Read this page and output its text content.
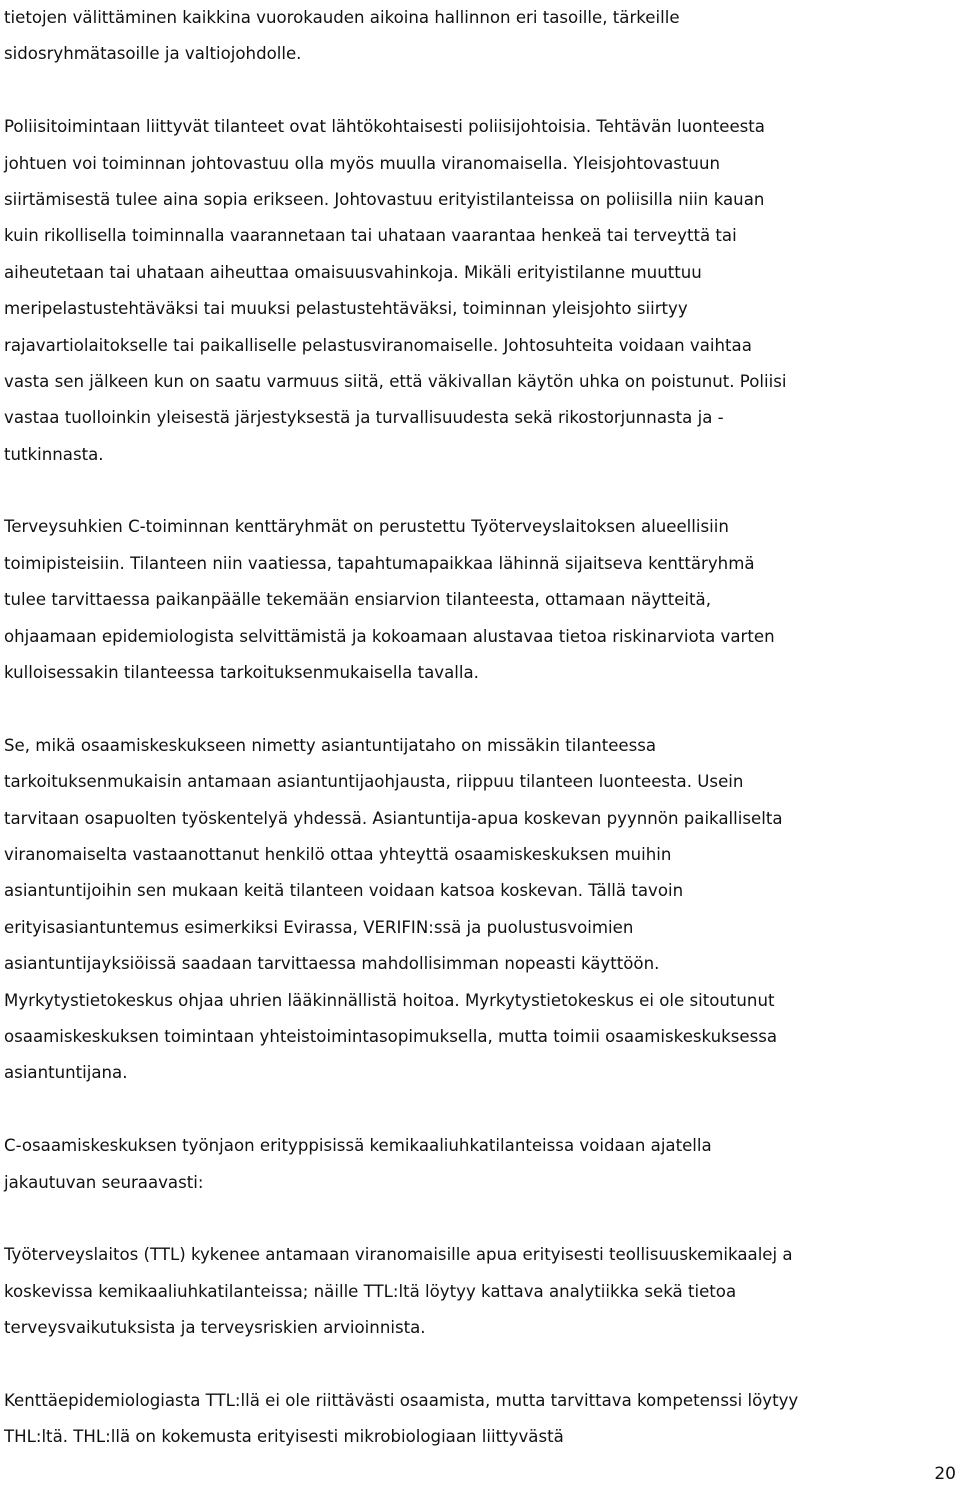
tietojen välittäminen kaikkina vuorokauden aikoina hallinnon eri tasoille, tärkeille
sidosryhmätasoille ja valtiojohdolle.

Poliisitoimintaan liittyvät tilanteet ovat lähtökohtaisesti poliisijohtoisia. Tehtävän luonteesta
johtuen voi toiminnan johtovastuu olla myös muulla viranomaisella. Yleisjohtovastuun
siirtämisestä tulee aina sopia erikseen. Johtovastuu erityistilanteissa on poliisilla niin kauan
kuin rikollisella toiminnalla vaarannetaan tai uhataan vaarantaa henkeä tai terveyttä tai
aiheutetaan tai uhataan aiheuttaa omaisuusvahinkoja. Mikäli erityistilanne muuttuu
meripelastustehtäväksi tai muuksi pelastustehtäväksi, toiminnan yleisjohto siirtyy
rajavartiolaitokselle tai paikalliselle pelastusviranomaiselle. Johtosuhteita voidaan vaihtaa
vasta sen jälkeen kun on saatu varmuus siitä, että väkivallan käytön uhka on poistunut. Poliisi
vastaa tuolloinkin yleisestä järjestyksestä ja turvallisuudesta sekä rikostorjunnasta ja -
tutkinnasta.

Terveysuhkien C-toiminnan kenttäryhmät on perustettu Työterveyslaitoksen alueellisiin
toimipisteisiin. Tilanteen niin vaatiessa, tapahtumapaikkaa lähinnä sijaitseva kenttäryhmä
tulee tarvittaessa paikanpäälle tekemään ensiarvion tilanteesta, ottamaan näytteitä,
ohjaamaan epidemiologista selvittämistä ja kokoamaan alustavaa tietoa riskinarviota varten
kulloisessakin tilanteessa tarkoituksenmukaisella tavalla.

Se, mikä osaamiskeskukseen nimetty asiantuntijataho on missäkin tilanteessa
tarkoituksenmukaisin antamaan asiantuntijaohjausta, riippuu tilanteen luonteesta. Usein
tarvitaan osapuolten työskentelyä yhdessä. Asiantuntija-apua koskevan pyynnön paikalliselta
viranomaiselta vastaanottanut henkilö ottaa yhteyttä osaamiskeskuksen muihin
asiantuntijoihin sen mukaan keitä tilanteen voidaan katsoa koskevan. Tällä tavoin
erityisasiantuntemus esimerkiksi Evirassa, VERIFIN:ssä ja puolustusvoimien
asiantuntijayksiöissä saadaan tarvittaessa mahdollisimman nopeasti käyttöön.
Myrkytystietokeskus ohjaa uhrien lääkinnällistä hoitoa. Myrkytystietokeskus ei ole sitoutunut
osaamiskeskuksen toimintaan yhteistoimintasopimuksella, mutta toimii osaamiskeskuksessa
asiantuntijana.

C-osaamiskeskuksen työnjaon erityppisissä kemikaaliuhkatilanteissa voidaan ajatella
jakautuvan seuraavasti:

Työterveyslaitos (TTL) kykenee antamaan viranomaisille apua erityisesti teollisuuskemikaalej a
koskevissa kemikaaliuhkatilanteissa; näille TTL:ltä löytyy kattava analytiikka sekä tietoa
terveysvaikutuksista ja terveysriskien arvioinnista.

Kenttäepidemiologiasta TTL:llä ei ole riittävästi osaamista, mutta tarvittava kompetenssi löytyy
THL:ltä. THL:llä on kokemusta erityisesti mikrobiologiaan liittyvästä

20
